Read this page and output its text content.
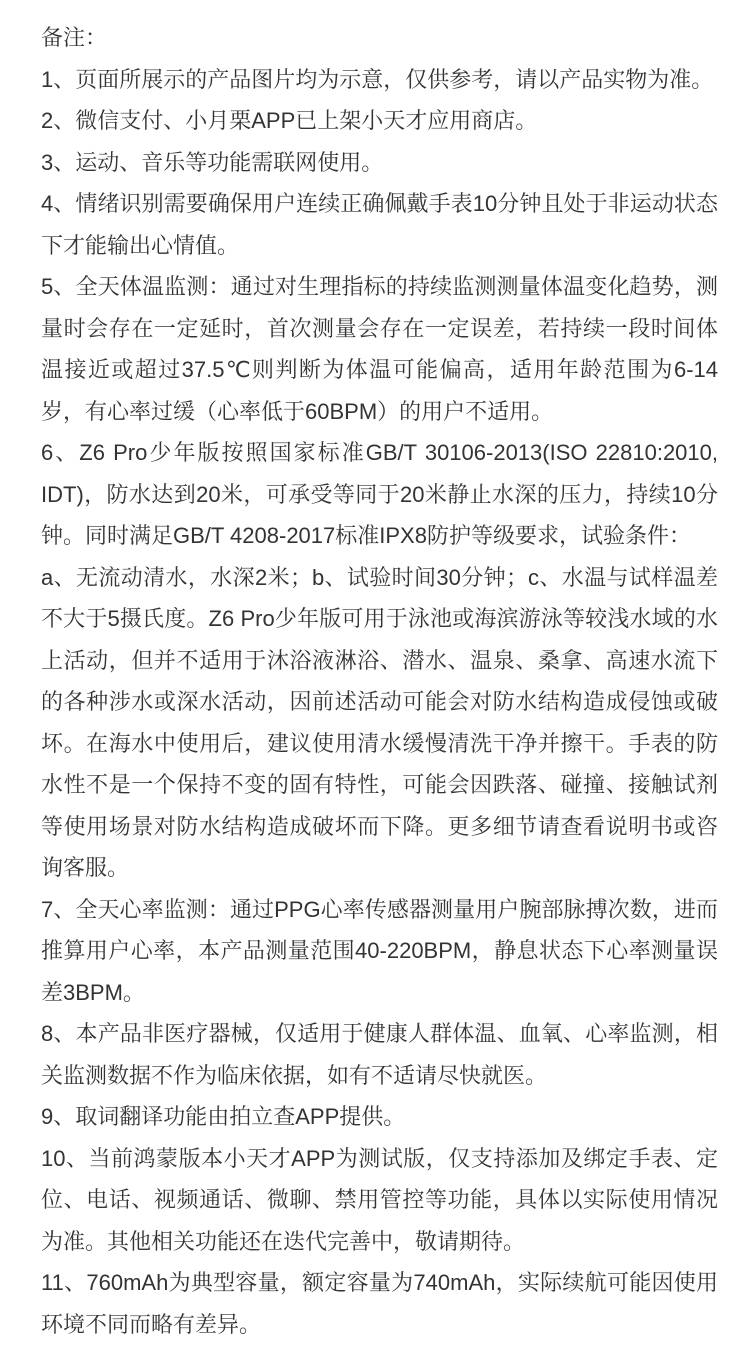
备注：

1、页面所展示的产品图片均为示意，仅供参考，请以产品实物为准。

2、微信支付、小月栗APP已上架小天才应用商店。

3、运动、音乐等功能需联网使用。

4、情绪识别需要确保用户连续正确佩戴手表10分钟且处于非运动状态下才能输出心情值。

5、全天体温监测：通过对生理指标的持续监测测量体温变化趋势，测量时会存在一定延时，首次测量会存在一定误差，若持续一段时间体温接近或超过37.5℃则判断为体温可能偏高，适用年龄范围为6-14岁，有心率过缓（心率低于60BPM）的用户不适用。

6、Z6 Pro少年版按照国家标准GB/T 30106-2013(ISO 22810:2010, IDT)，防水达到20米，可承受等同于20米静止水深的压力，持续10分钟。同时满足GB/T 4208-2017标准IPX8防护等级要求，试验条件：

a、无流动清水，水深2米；b、试验时间30分钟；c、水温与试样温差不大于5摄氏度。Z6 Pro少年版可用于泳池或海滨游泳等较浅水域的水上活动，但并不适用于沐浴液淋浴、潜水、温泉、桑拿、高速水流下的各种涉水或深水活动，因前述活动可能会对防水结构造成侵蚀或破坏。在海水中使用后，建议使用清水缓慢清洗干净并擦干。手表的防水性不是一个保持不变的固有特性，可能会因跌落、碰撞、接触试剂等使用场景对防水结构造成破坏而下降。更多细节请查看说明书或咨询客服。

7、全天心率监测：通过PPG心率传感器测量用户腕部脉搏次数，进而推算用户心率，本产品测量范围40-220BPM，静息状态下心率测量误差3BPM。

8、本产品非医疗器械，仅适用于健康人群体温、血氧、心率监测，相关监测数据不作为临床依据，如有不适请尽快就医。

9、取词翻译功能由拍立查APP提供。

10、当前鸿蒙版本小天才APP为测试版，仅支持添加及绑定手表、定位、电话、视频通话、微聊、禁用管控等功能，具体以实际使用情况为准。其他相关功能还在迭代完善中，敬请期待。

11、760mAh为典型容量，额定容量为740mAh，实际续航可能因使用环境不同而略有差异。
